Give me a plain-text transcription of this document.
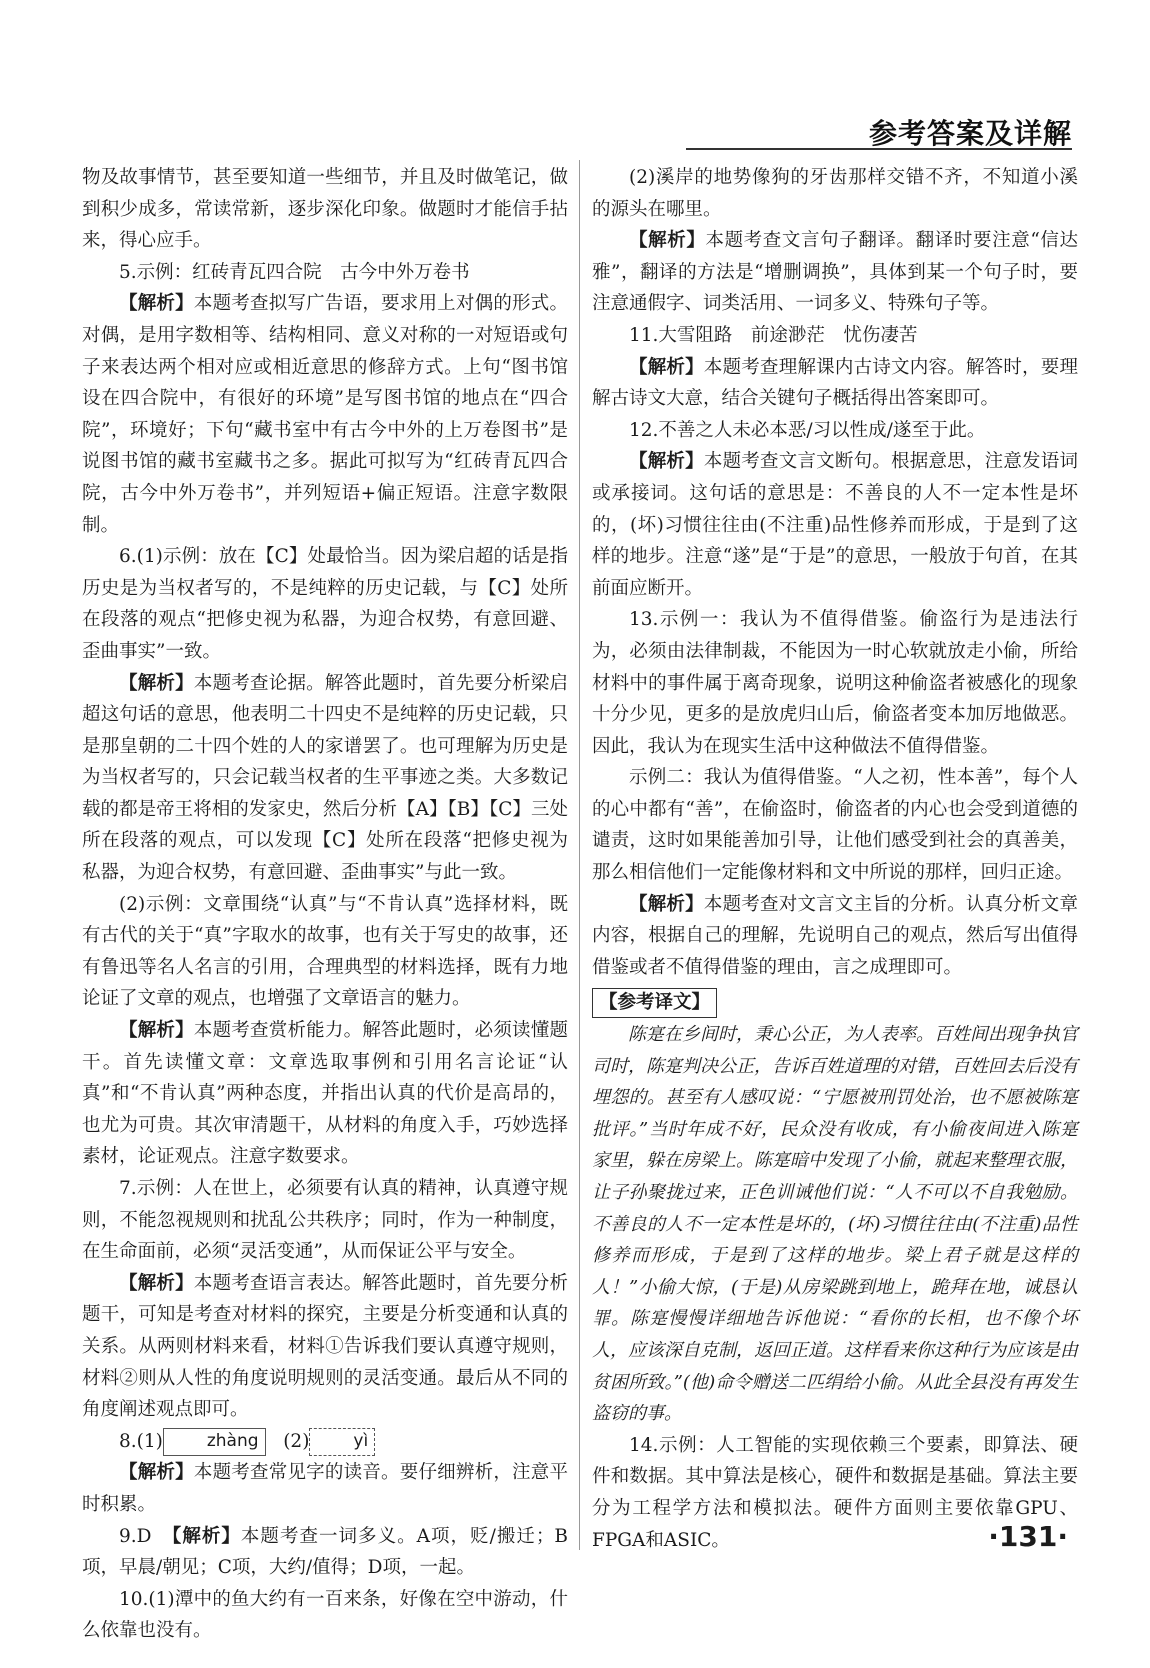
参考答案及详解

物及故事情节，甚至要知道一些细节，并且及时做笔记，做到积少成多，常读常新，逐步深化印象。做题时才能信手拈来，得心应手。

5.示例：红砖青瓦四合院　古今中外万卷书

【解析】本题考查拟写广告语，要求用上对偶的形式。对偶，是用字数相等、结构相同、意义对称的一对短语或句子来表达两个相对应或相近意思的修辞方式。上句“图书馆设在四合院中，有很好的环境”是写图书馆的地点在“四合院”，环境好；下句“藏书室中有古今中外的上万卷图书”是说图书馆的藏书室藏书之多。据此可拟写为“红砖青瓦四合院，古今中外万卷书”，并列短语+偏正短语。注意字数限制。

6.(1)示例：放在【C】处最恰当。因为梁启超的话是指历史是为当权者写的，不是纯粹的历史记载，与【C】处所在段落的观点“把修史视为私器，为迎合权势，有意回避、歪曲事实”一致。

【解析】本题考查论据。解答此题时，首先要分析梁启超这句话的意思，他表明二十四史不是纯粹的历史记载，只是那皇朝的二十四个姓的人的家谱罢了。也可理解为历史是为当权者写的，只会记载当权者的生平事迹之类。大多数记载的都是帝王将相的发家史，然后分析【A】【B】【C】三处所在段落的观点，可以发现【C】处所在段落“把修史视为私器，为迎合权势，有意回避、歪曲事实”与此一致。

(2)示例：文章围绕“认真”与“不肯认真”选择材料，既有古代的关于“真”字取水的故事，也有关于写史的故事，还有鲁迅等名人名言的引用，合理典型的材料选择，既有力地论证了文章的观点，也增强了文章语言的魅力。

【解析】本题考查赏析能力。解答此题时，必须读懂题干。首先读懂文章：文章选取事例和引用名言论证“认真”和“不肯认真”两种态度，并指出认真的代价是高昂的，也尤为可贵。其次审清题干，从材料的角度入手，巧妙选择素材，论证观点。注意字数要求。

7.示例：人在世上，必须要有认真的精神，认真遵守规则，不能忽视规则和扰乱公共秩序；同时，作为一种制度，在生命面前，必须“灵活变通”，从而保证公平与安全。

【解析】本题考查语言表达。解答此题时，首先要分析题干，可知是考查对材料的探究，主要是分析变通和认真的关系。从两则材料来看，材料①告诉我们要认真遵守规则，材料②则从人性的角度说明规则的灵活变通。最后从不同的角度阐述观点即可。

8.(1)	zhàng (2)	yì

【解析】本题考查常见字的读音。要仔细辨析，注意平时积累。

9.D　【解析】本题考查一词多义。A项，贬/搬迁；B项，早晨/朝见；C项，大约/值得；D项，一起。

10.(1)潭中的鱼大约有一百来条，好像在空中游动，什么依靠也没有。

(2)溪岸的地势像狗的牙齿那样交错不齐，不知道小溪的源头在哪里。

【解析】本题考查文言句子翻译。翻译时要注意“信达雅”，翻译的方法是“增删调换”，具体到某一个句子时，要注意通假字、词类活用、一词多义、特殊句子等。

11.大雪阻路　前途渺茫　忧伤凄苦

【解析】本题考查理解课内古诗文内容。解答时，要理解古诗文大意，结合关键句子概括得出答案即可。

12.不善之人未必本恶/习以性成/遂至于此。

【解析】本题考查文言文断句。根据意思，注意发语词或承接词。这句话的意思是：不善良的人不一定本性是坏的，(坏)习惯往往由(不注重)品性修养而形成，于是到了这样的地步。注意“遂”是“于是”的意思，一般放于句首，在其前面应断开。

13.示例一：我认为不值得借鉴。偷盗行为是违法行为，必须由法律制裁，不能因为一时心软就放走小偷，所给材料中的事件属于离奇现象，说明这种偷盗者被感化的现象十分少见，更多的是放虎归山后，偷盗者变本加厉地做恶。因此，我认为在现实生活中这种做法不值得借鉴。

示例二：我认为值得借鉴。“人之初，性本善”，每个人的心中都有“善”，在偷盗时，偷盗者的内心也会受到道德的谴责，这时如果能善加引导，让他们感受到社会的真善美，那么相信他们一定能像材料和文中所说的那样，回归正途。

【解析】本题考查对文言文主旨的分析。认真分析文章内容，根据自己的理解，先说明自己的观点，然后写出值得借鉴或者不值得借鉴的理由，言之成理即可。

【参考译文】

陈寔在乡间时，秉心公正，为人表率。百姓间出现争执官司时，陈寔判决公正，告诉百姓道理的对错，百姓回去后没有埋怨的。甚至有人感叹说：“宁愿被刑罚处治，也不愿被陈寔批评。”当时年成不好，民众没有收成，有小偷夜间进入陈寔家里，躲在房梁上。陈寔暗中发现了小偷，就起来整理衣服，让子孙聚拢过来，正色训诫他们说：“人不可以不自我勉励。不善良的人不一定本性是坏的，(坏)习惯往往由(不注重)品性修养而形成，于是到了这样的地步。梁上君子就是这样的人！”小偷大惊，(于是)从房梁跳到地上，跪拜在地，诚恳认罪。陈寔慢慢详细地告诉他说：“看你的长相，也不像个坏人，应该深自克制，返回正道。这样看来你这种行为应该是由贫困所致。”(他)命令赠送二匹绢给小偷。从此全县没有再发生盗窃的事。

14.示例：人工智能的实现依赖三个要素，即算法、硬件和数据。其中算法是核心，硬件和数据是基础。算法主要分为工程学方法和模拟法。硬件方面则主要依靠GPU、FPGA和ASIC。	·131·
